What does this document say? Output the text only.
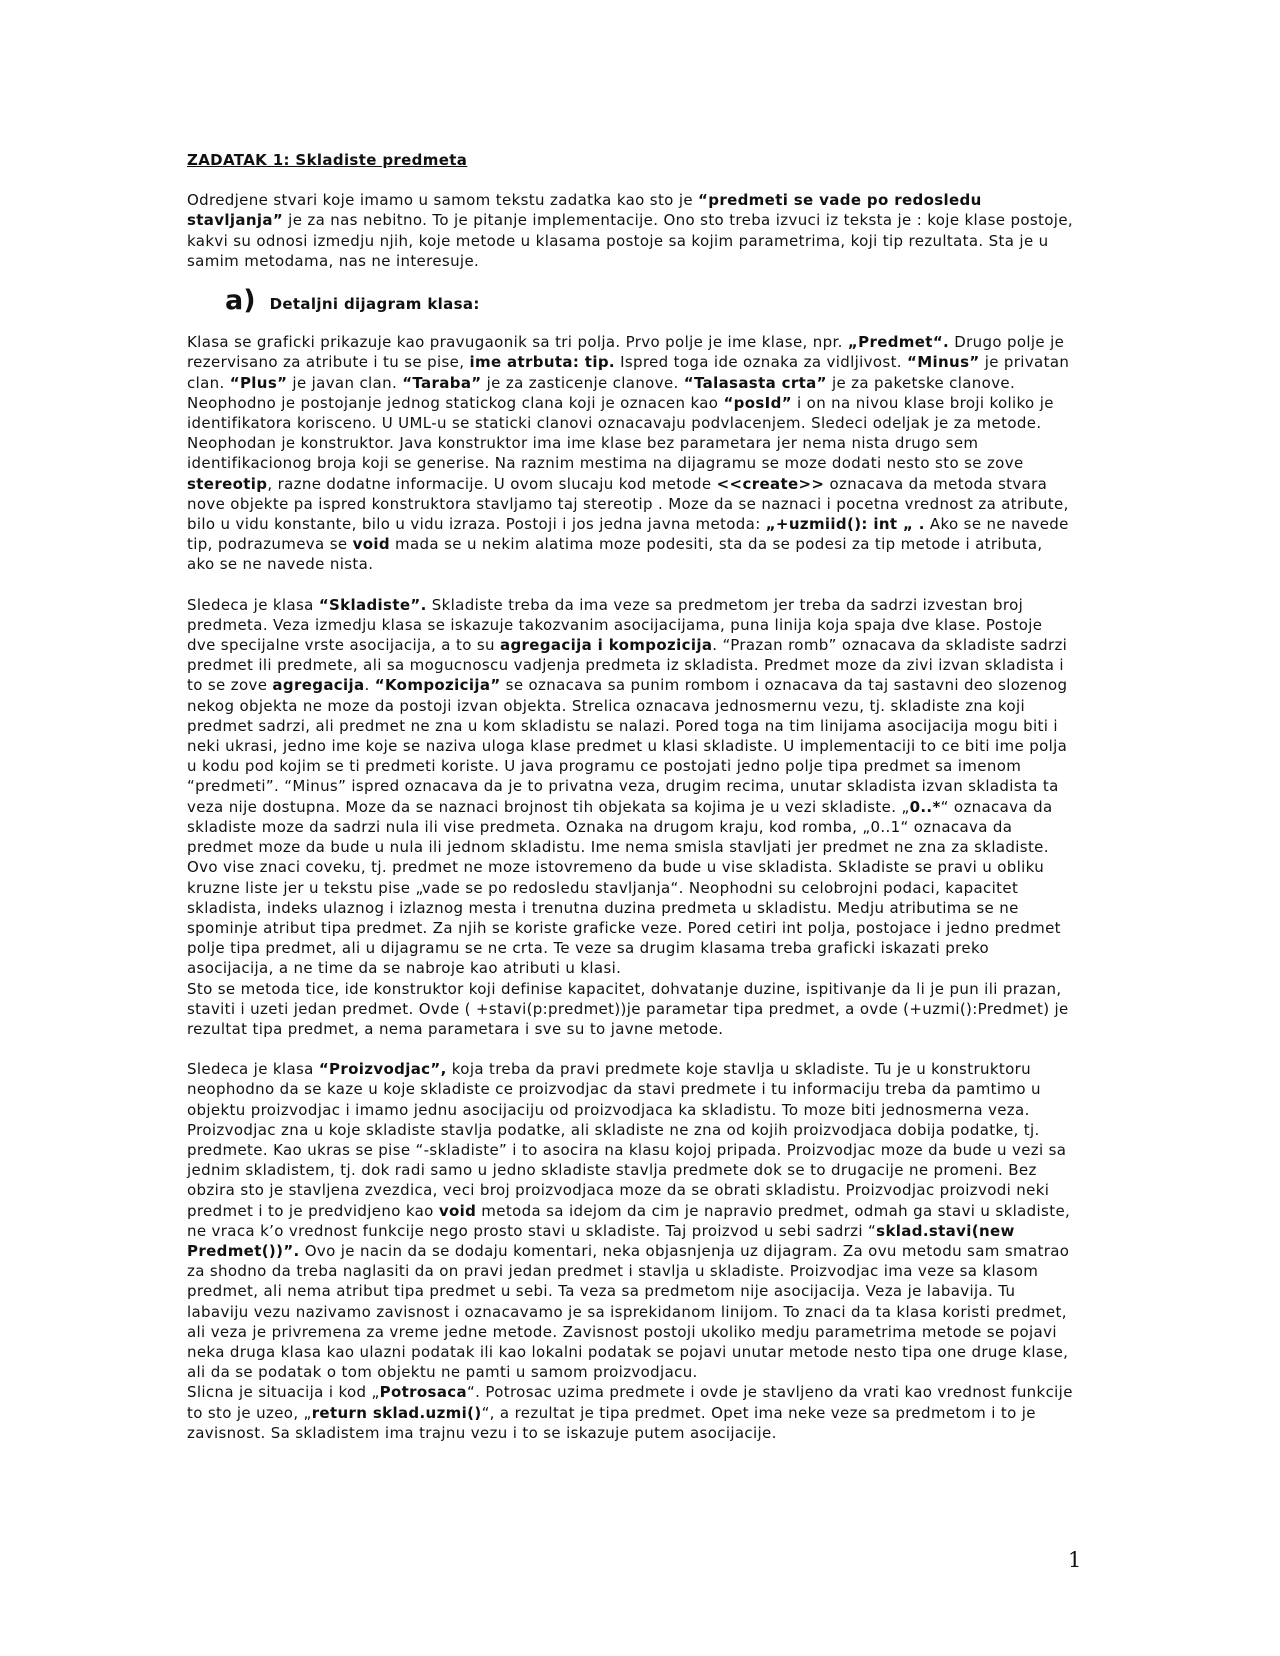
ZADATAK 1: Skladiste predmeta

Odredjene stvari koje imamo u samom tekstu zadatka kao sto je “predmeti se vade po redosledu stavljanja” je za nas nebitno. To je pitanje implementacije. Ono sto treba izvuci iz teksta je : koje klase postoje, kakvi su odnosi izmedju njih, koje metode u klasama postoje sa kojim parametrima, koji tip rezultata. Sta je u samim metodama, nas ne interesuje.

a) Detaljni dijagram klasa:

Klasa se graficki prikazuje kao pravugaonik sa tri polja. Prvo polje je ime klase, npr. „Predmet“. Drugo polje je rezervisano za atribute i tu se pise, ime atrbuta: tip. Ispred toga ide oznaka za vidljivost. “Minus” je privatan clan. “Plus” je javan clan. “Taraba” je za zasticenje clanove. “Talasasta crta” je za paketske clanove. Neophodno je postojanje jednog statickog clana koji je oznacen kao “posId” i on na nivou klase broji koliko je identifikatora korisceno. U UML-u se staticki clanovi oznacavaju podvlacenjem. Sledeci odeljak je za metode. Neophodan je konstruktor. Java konstruktor ima ime klase bez parametara jer nema nista drugo sem identifikacionog broja koji se generise. Na raznim mestima na dijagramu se moze dodati nesto sto se zove stereotip, razne dodatne informacije. U ovom slucaju kod metode <<create>> oznacava da metoda stvara nove objekte pa ispred konstruktora stavljamo taj stereotip . Moze da se naznaci i pocetna vrednost za atribute, bilo u vidu konstante, bilo u vidu izraza. Postoji i jos jedna javna metoda: „+uzmiid(): int „ . Ako se ne navede tip, podrazumeva se void mada se u nekim alatima moze podesiti, sta da se podesi za tip metode i atributa, ako se ne navede nista.

Sledeca je klasa “Skladiste”. Skladiste treba da ima veze sa predmetom jer treba da sadrzi izvestan broj predmeta. Veza izmedju klasa se iskazuje takozvanim asocijacijama, puna linija koja spaja dve klase. Postoje dve specijalne vrste asocijacija, a to su agregacija i kompozicija. “Prazan romb” oznacava da skladiste sadrzi predmet ili predmete, ali sa mogucnoscu vadjenja predmeta iz skladista. Predmet moze da zivi izvan skladista i to se zove agregacija. “Kompozicija” se oznacava sa punim rombom i oznacava da taj sastavni deo slozenog nekog objekta ne moze da postoji izvan objekta. Strelica oznacava jednosmernu vezu, tj. skladiste zna koji predmet sadrzi, ali predmet ne zna u kom skladistu se nalazi. Pored toga na tim linijama asocijacija mogu biti i neki ukrasi, jedno ime koje se naziva uloga klase predmet u klasi skladiste. U implementaciji to ce biti ime polja u kodu pod kojim se ti predmeti koriste. U java programu ce postojati jedno polje tipa predmet sa imenom “predmeti”. “Minus” ispred oznacava da je to privatna veza, drugim recima, unutar skladista izvan skladista ta veza nije dostupna. Moze da se naznaci brojnost tih objekata sa kojima je u vezi skladiste. „0..*“ oznacava da skladiste moze da sadrzi nula ili vise predmeta. Oznaka na drugom kraju, kod romba, „0..1“ oznacava da predmet moze da bude u nula ili jednom skladistu. Ime nema smisla stavljati jer predmet ne zna za skladiste. Ovo vise znaci coveku, tj. predmet ne moze istovremeno da bude u vise skladista. Skladiste se pravi u obliku kruzne liste jer u tekstu pise „vade se po redosledu stavljanja“. Neophodni su celobrojni podaci, kapacitet skladista, indeks ulaznog i izlaznog mesta i trenutna duzina predmeta u skladistu. Medju atributima se ne spominje atribut tipa predmet. Za njih se koriste graficke veze. Pored cetiri int polja, postojace i jedno predmet polje tipa predmet, ali u dijagramu se ne crta. Te veze sa drugim klasama treba graficki iskazati preko asocijacija, a ne time da se nabroje kao atributi u klasi.

Sto se metoda tice, ide konstruktor koji definise kapacitet, dohvatanje duzine, ispitivanje da li je pun ili prazan, staviti i uzeti jedan predmet. Ovde ( +stavi(p:predmet))je parametar tipa predmet, a ovde (+uzmi():Predmet) je rezultat tipa predmet, a nema parametara i sve su to javne metode.

Sledeca je klasa “Proizvodjac”, koja treba da pravi predmete koje stavlja u skladiste. Tu je u konstruktoru neophodno da se kaze u koje skladiste ce proizvodjac da stavi predmete i tu informaciju treba da pamtimo u objektu proizvodjac i imamo jednu asocijaciju od proizvodjaca ka skladistu. To moze biti jednosmerna veza. Proizvodjac zna u koje skladiste stavlja podatke, ali skladiste ne zna od kojih proizvodjaca dobija podatke, tj. predmete. Kao ukras se pise “-skladiste” i to asocira na klasu kojoj pripada. Proizvodjac moze da bude u vezi sa jednim skladistem, tj. dok radi samo u jedno skladiste stavlja predmete dok se to drugacije ne promeni. Bez obzira sto je stavljena zvezdica, veci broj proizvodjaca moze da se obrati skladistu. Proizvodjac proizvodi neki predmet i to je predvidjeno kao void metoda sa idejom da cim je napravio predmet, odmah ga stavi u skladiste, ne vraca k’o vrednost funkcije nego prosto stavi u skladiste. Taj proizvod u sebi sadrzi “sklad.stavi(new Predmet())”. Ovo je nacin da se dodaju komentari, neka objasnjenja uz dijagram. Za ovu metodu sam smatrao za shodno da treba naglasiti da on pravi jedan predmet i stavlja u skladiste. Proizvodjac ima veze sa klasom predmet, ali nema atribut tipa predmet u sebi. Ta veza sa predmetom nije asocijacija. Veza je labavija. Tu labaviju vezu nazivamo zavisnost i oznacavamo je sa isprekidanom linijom. To znaci da ta klasa koristi predmet, ali veza je privremena za vreme jedne metode. Zavisnost postoji ukoliko medju parametrima metode se pojavi neka druga klasa kao ulazni podatak ili kao lokalni podatak se pojavi unutar metode nesto tipa one druge klase, ali da se podatak o tom objektu ne pamti u samom proizvodjacu.

Slicna je situacija i kod „Potrosaca“. Potrosac uzima predmete i ovde je stavljeno da vrati kao vrednost funkcije to sto je uzeo, „return sklad.uzmi()“, a rezultat je tipa predmet. Opet ima neke veze sa predmetom i to je zavisnost. Sa skladistem ima trajnu vezu i to se iskazuje putem asocijacije.

1
